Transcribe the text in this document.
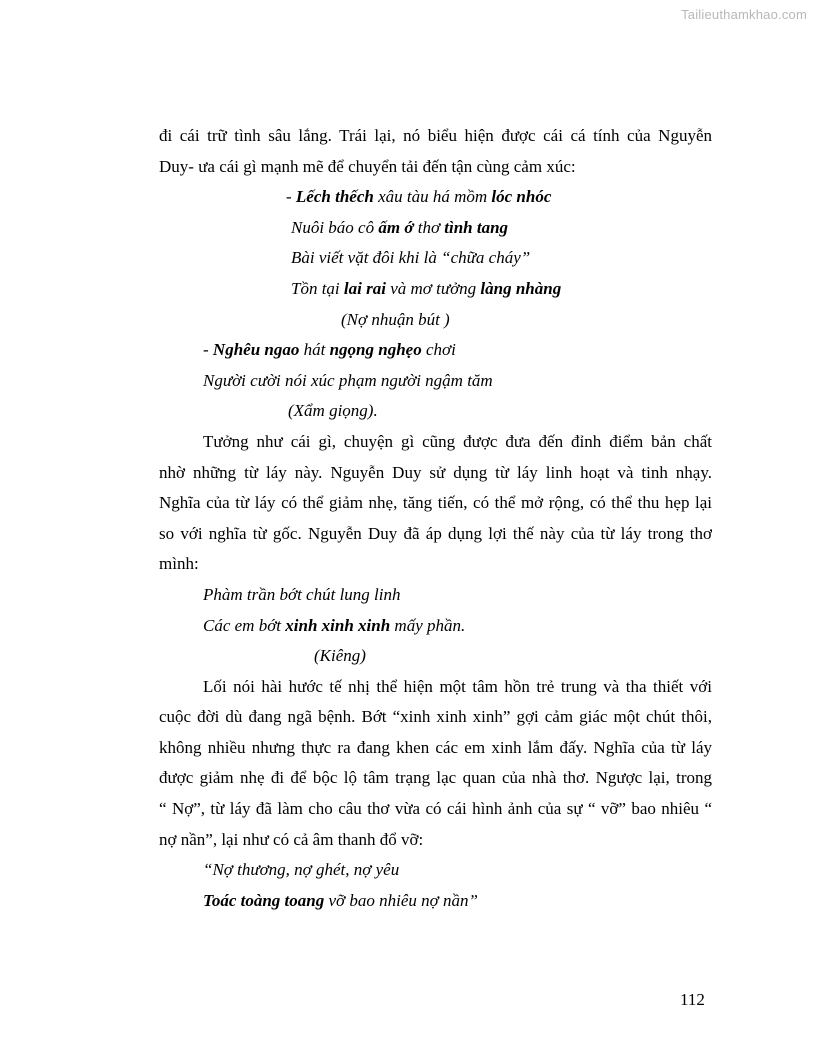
Tailieuthamkhao.com
đi cái trữ tình sâu lắng. Trái lại, nó biểu hiện được cái cá tính của Nguyễn
Duy- ưa cái gì mạnh mẽ để chuyển tải đến tận cùng cảm xúc:
- Lếch thếch xâu tàu há mồm lóc nhóc
Nuôi báo cô ấm ớ thơ tình tang
Bài viết vặt đôi khi là “chữa cháy”
Tồn tại lai rai và mơ tưởng làng nhàng
(Nợ nhuận bút )
- Nghêu ngao hát ngọng nghẹo chơi
Người cười nói xúc phạm người ngậm tăm
(Xẩm giọng).
Tưởng như cái gì, chuyện gì cũng được đưa đến đỉnh điểm bản chất
nhờ những từ láy này. Nguyễn Duy sử dụng từ láy linh hoạt và tinh nhạy.
Nghĩa của từ láy có thể giảm nhẹ, tăng tiến, có thể mở rộng, có thể thu hẹp lại
so với nghĩa từ gốc. Nguyễn Duy đã áp dụng lợi thế này của từ láy trong thơ
mình:
Phàm trần bớt chút lung linh
Các em bớt xinh xinh xinh mấy phần.
(Kiêng)
Lối nói hài hước tế nhị thể hiện một tâm hồn trẻ trung và tha thiết với
cuộc đời dù đang ngã bệnh. Bớt “xinh xinh xinh” gợi cảm giác một chút thôi,
không nhiều nhưng thực ra đang khen các em xinh lắm đấy. Nghĩa của từ láy
được giảm nhẹ đi để bộc lộ tâm trạng lạc quan của nhà thơ. Ngược lại, trong
“ Nợ”, từ láy đã làm cho câu thơ vừa có cái hình ảnh của sự “ vỡ” bao nhiêu “
nợ nần”, lại như có cả âm thanh đổ vỡ:
“Nợ thương, nợ ghét, nợ yêu
Toác toàng toang vỡ bao nhiêu nợ nần”
112
